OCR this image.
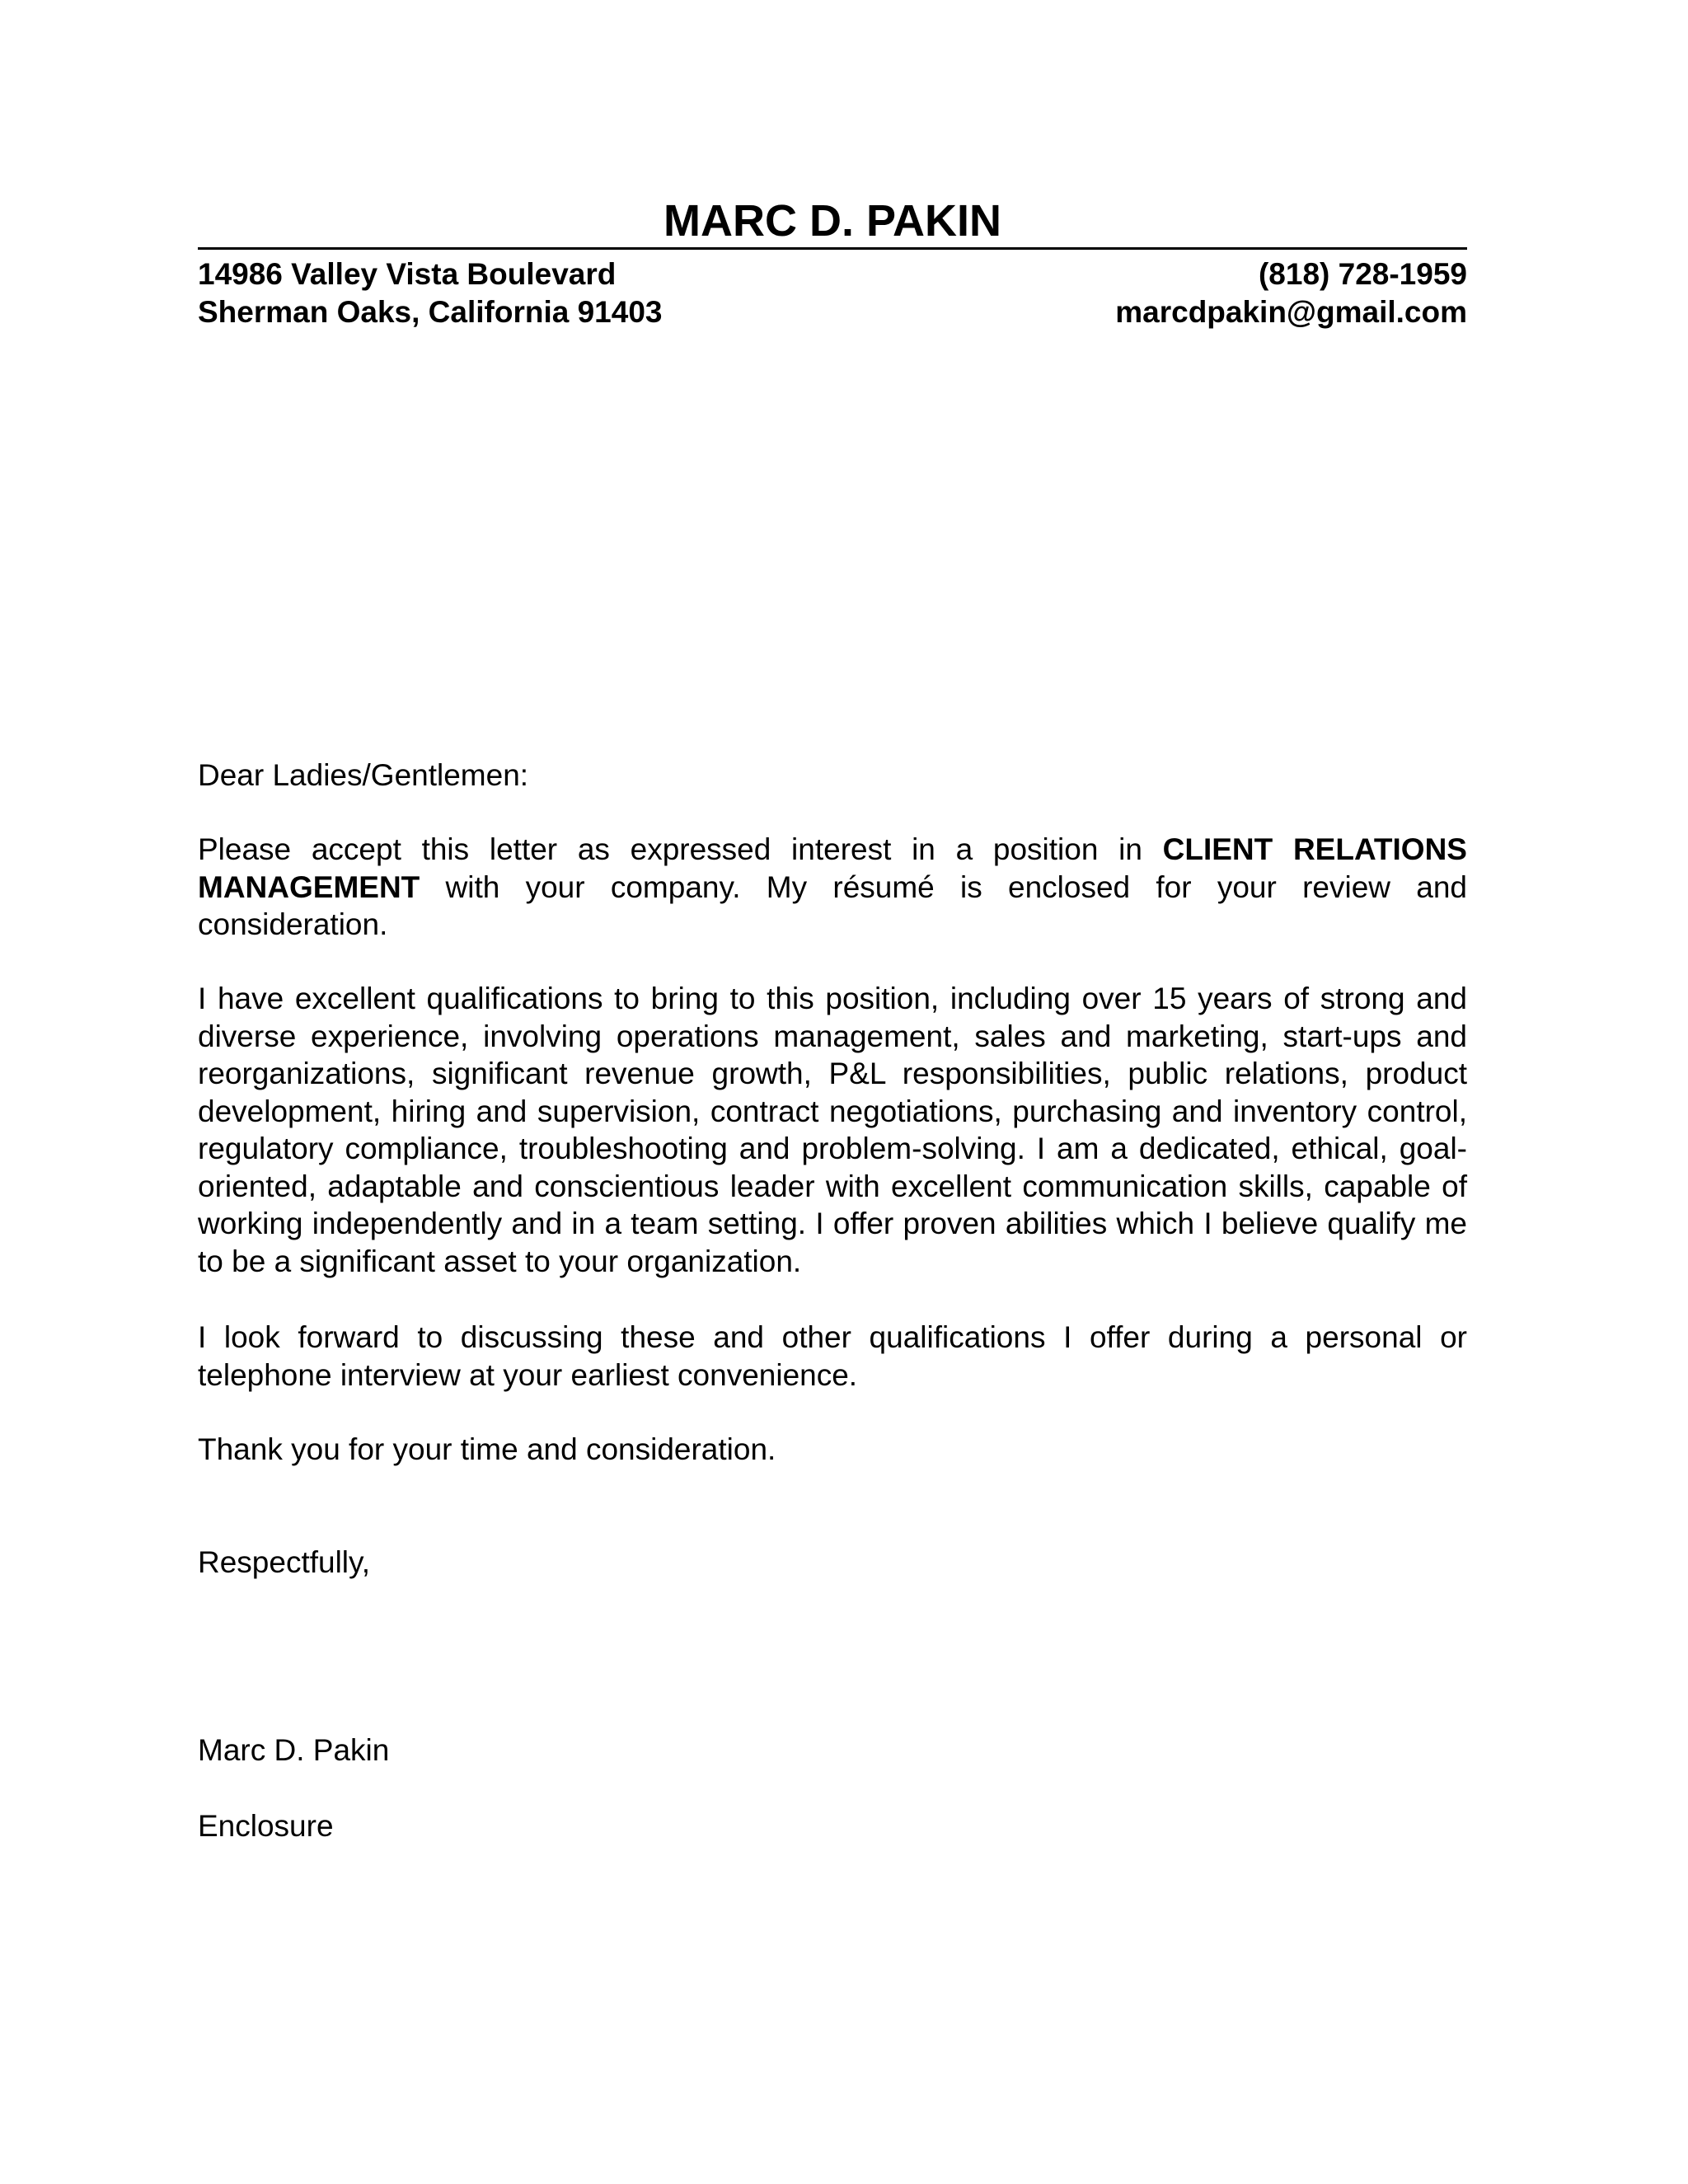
MARC D. PAKIN
14986 Valley Vista Boulevard
Sherman Oaks, California 91403
(818) 728-1959
marcdpakin@gmail.com

Dear Ladies/Gentlemen:

Please accept this letter as expressed interest in a position in CLIENT RELATIONS MANAGEMENT with your company. My résumé is enclosed for your review and consideration.

I have excellent qualifications to bring to this position, including over 15 years of strong and diverse experience, involving operations management, sales and marketing, start-ups and reorganizations, significant revenue growth, P&L responsibilities, public relations, product development, hiring and supervision, contract negotiations, purchasing and inventory control, regulatory compliance, troubleshooting and problem-solving. I am a dedicated, ethical, goal-oriented, adaptable and conscientious leader with excellent communication skills, capable of working independently and in a team setting. I offer proven abilities which I believe qualify me to be a significant asset to your organization.

I look forward to discussing these and other qualifications I offer during a personal or telephone interview at your earliest convenience.

Thank you for your time and consideration.

Respectfully,

Marc D. Pakin

Enclosure
